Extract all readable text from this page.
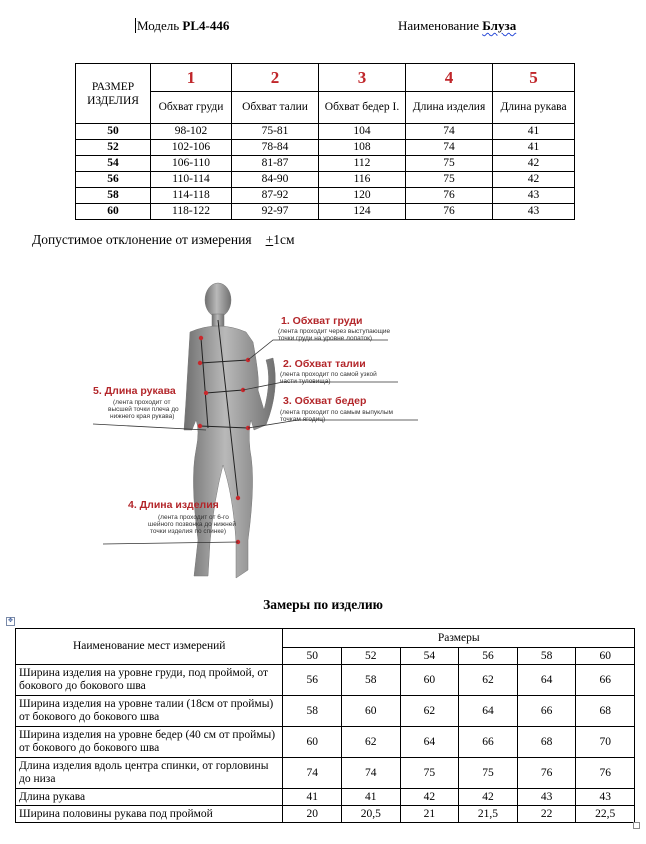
Модель PL4-446	Наименование Блуза
РАЗМЕР ИЗДЕЛИЯ	1	2	3	4	5
	Обхват груди	Обхват талии	Обхват бедер I.	Длина изделия	Длина рукава
50	98-102	75-81	104	74	41
52	102-106	78-84	108	74	41
54	106-110	81-87	112	75	42
56	110-114	84-90	116	75	42
58	114-118	87-92	120	76	43
60	118-122	92-97	124	76	43
Допустимое отклонение от измерения +1см
1. Обхват груди
(лента проходит через выступающие
точки груди на уровне лопаток)
2. Обхват талии
(лента проходит по самой узкой
части туловища)
3. Обхват бедер
(лента проходит по самым выпуклым
точкам ягодиц)
4. Длина изделия
(лента проходит от 6-го
шейного позвонка до нижней
точки изделия по спинке)
5. Длина рукава
(лента проходит от
высшей точки плеча до
нижнего края рукава)
Замеры по изделию
✥
Наименование мест измерений	Размеры					
	50	52	54	56	58	60
Ширина изделия на уровне груди, под проймой, от бокового до бокового шва	56	58	60	62	64	66
Ширина изделия на уровне талии (18см от проймы) от бокового до бокового шва	58	60	62	64	66	68
Ширина изделия на уровне бедер (40 см от проймы) от бокового до бокового шва	60	62	64	66	68	70
Длина изделия вдоль центра спинки, от горловины до низа	74	74	75	75	76	76
Длина рукава	41	41	42	42	43	43
Ширина половины рукава под проймой	20	20,5	21	21,5	22	22,5
